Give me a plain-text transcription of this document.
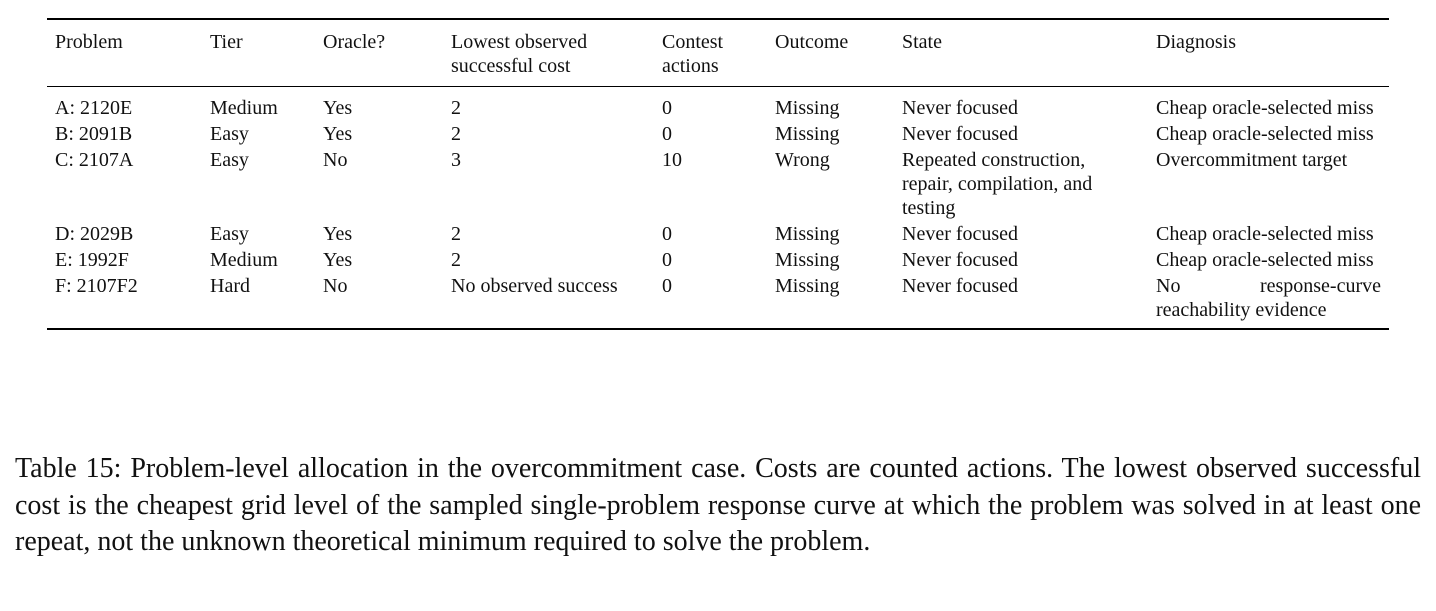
Problem	Tier	Oracle?	Lowest observed successful cost	Contest actions	Outcome	State	Diagnosis
A: 2120E	Medium	Yes	2	0	Missing	Never focused	Cheap oracle-selected miss
B: 2091B	Easy	Yes	2	0	Missing	Never focused	Cheap oracle-selected miss
C: 2107A	Easy	No	3	10	Wrong	Repeated construction, repair, compilation, and testing	Overcommitment target
D: 2029B	Easy	Yes	2	0	Missing	Never focused	Cheap oracle-selected miss
E: 1992F	Medium	Yes	2	0	Missing	Never focused	Cheap oracle-selected miss
F: 2107F2	Hard	No	No observed success	0	Missing	Never focused	No response-curve reachability evidence

Table 15: Problem-level allocation in the overcommitment case. Costs are counted actions. The lowest observed successful cost is the cheapest grid level of the sampled single-problem response curve at which the problem was solved in at least one repeat, not the unknown theoretical minimum required to solve the problem.
